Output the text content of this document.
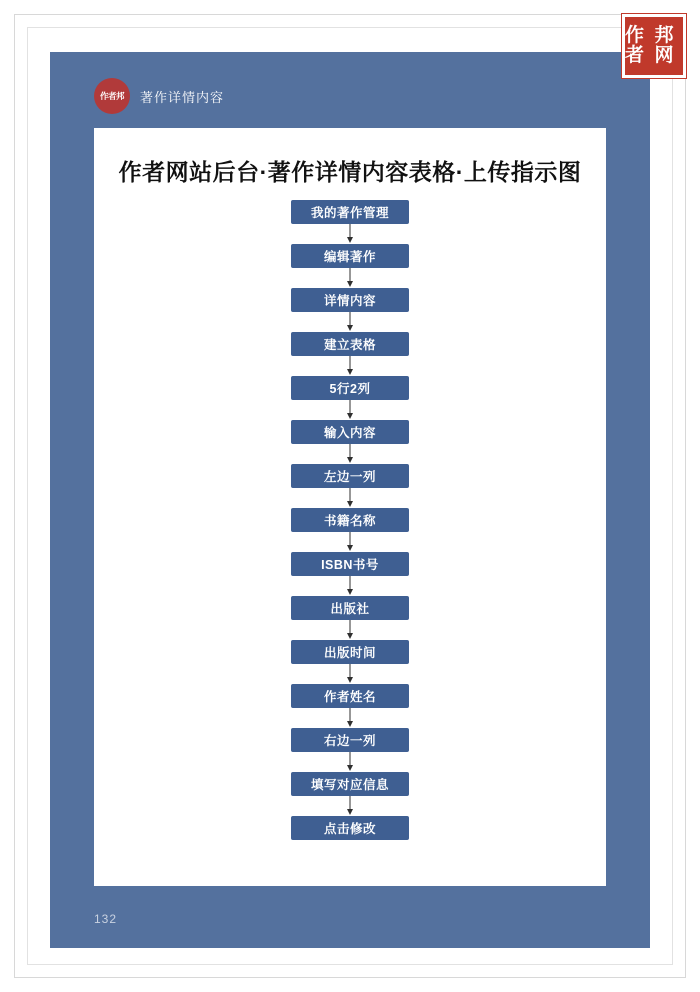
作者
邦网
作者邦 著作详情内容
作者网站后台·著作详情内容表格·上传指示图
我的著作管理
编辑著作
详情内容
建立表格
5行2列
输入内容
左边一列
书籍名称
ISBN书号
出版社
出版时间
作者姓名
右边一列
填写对应信息
点击修改
132
